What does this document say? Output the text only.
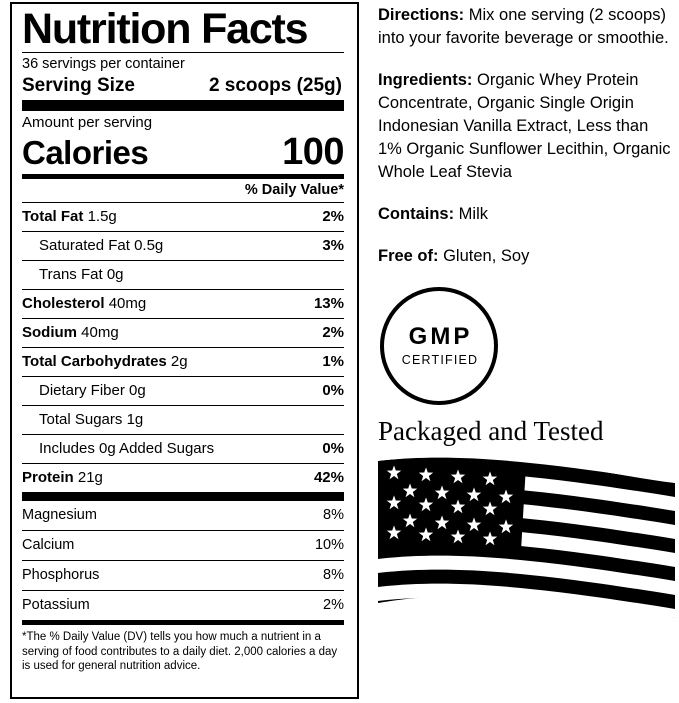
Nutrition Facts
36 servings per container
Serving Size	2 scoops (25g)
Amount per serving
Calories	100
% Daily Value*
Total Fat 1.5g	2%
Saturated Fat 0.5g	3%
Trans Fat 0g
Cholesterol 40mg	13%
Sodium 40mg	2%
Total Carbohydrates 2g	1%
Dietary Fiber 0g	0%
Total Sugars 1g
Includes 0g Added Sugars	0%
Protein 21g	42%
Magnesium	8%
Calcium	10%
Phosphorus	8%
Potassium	2%
*The % Daily Value (DV) tells you how much a nutrient in a serving of food contributes to a daily diet. 2,000 calories a day is used for general nutrition advice.
Directions: Mix one serving (2 scoops) into your favorite beverage or smoothie.
Ingredients: Organic Whey Protein Concentrate, Organic Single Origin Indonesian Vanilla Extract, Less than 1% Organic Sunflower Lecithin, Organic Whole Leaf Stevia
Contains: Milk
Free of: Gluten, Soy
GMP
CERTIFIED
Packaged and Tested
